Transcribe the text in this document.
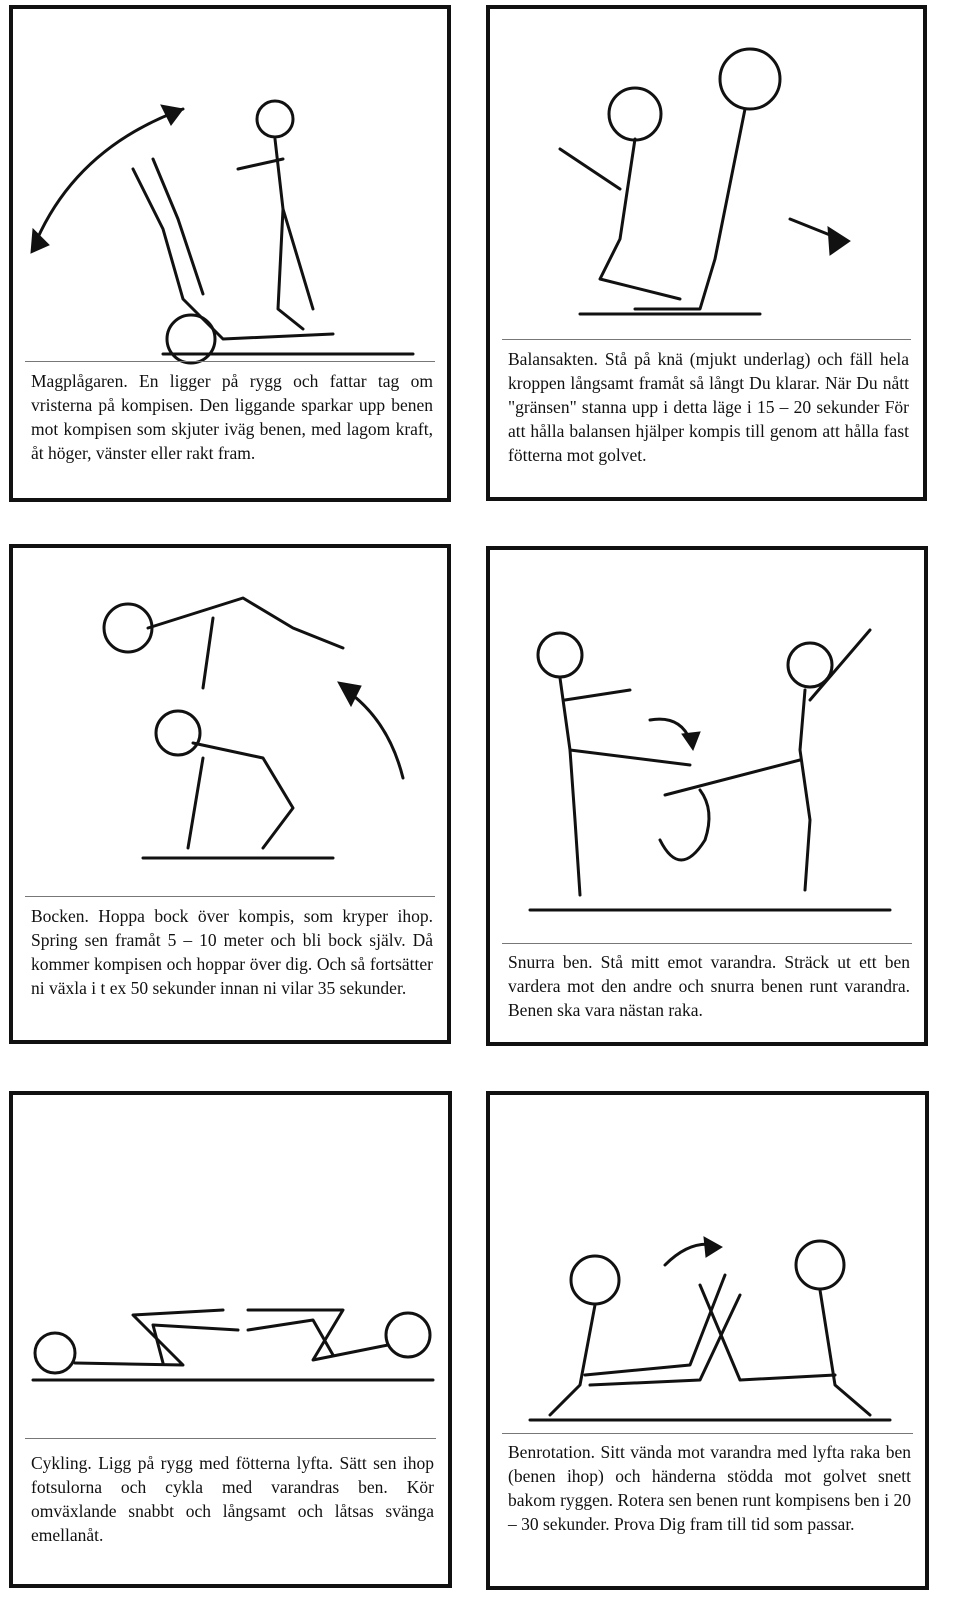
Magplågaren. En ligger på rygg och fattar tag om vristerna på kompisen. Den liggande sparkar upp benen mot kompisen som skjuter iväg benen, med lagom kraft, åt höger, vänster eller rakt fram.
Balansakten. Stå på knä (mjukt underlag) och fäll hela kroppen långsamt framåt så långt Du klarar. När Du nått "gränsen" stanna upp i detta läge i 15 – 20 sekunder För att hålla balansen hjälper kompis till genom att hålla fast fötterna mot golvet.
Bocken. Hoppa bock över kompis, som kryper ihop. Spring sen framåt 5 – 10 meter och bli bock själv. Då kommer kompisen och hoppar över dig. Och så fortsätter ni växla i t ex 50 sekunder innan ni vilar 35 sekunder.
Snurra ben. Stå mitt emot varandra. Sträck ut ett ben vardera mot den andre och snurra benen runt varandra. Benen ska vara nästan raka.
Cykling. Ligg på rygg med fötterna lyfta. Sätt sen ihop fotsulorna och cykla med varandras ben. Kör omväxlande snabbt och långsamt och låtsas svänga emellanåt.
Benrotation. Sitt vända mot varandra med lyfta raka ben (benen ihop) och händerna stödda mot golvet snett bakom ryggen. Rotera sen benen runt kompisens ben i 20 – 30 sekunder. Prova Dig fram till tid som passar.
